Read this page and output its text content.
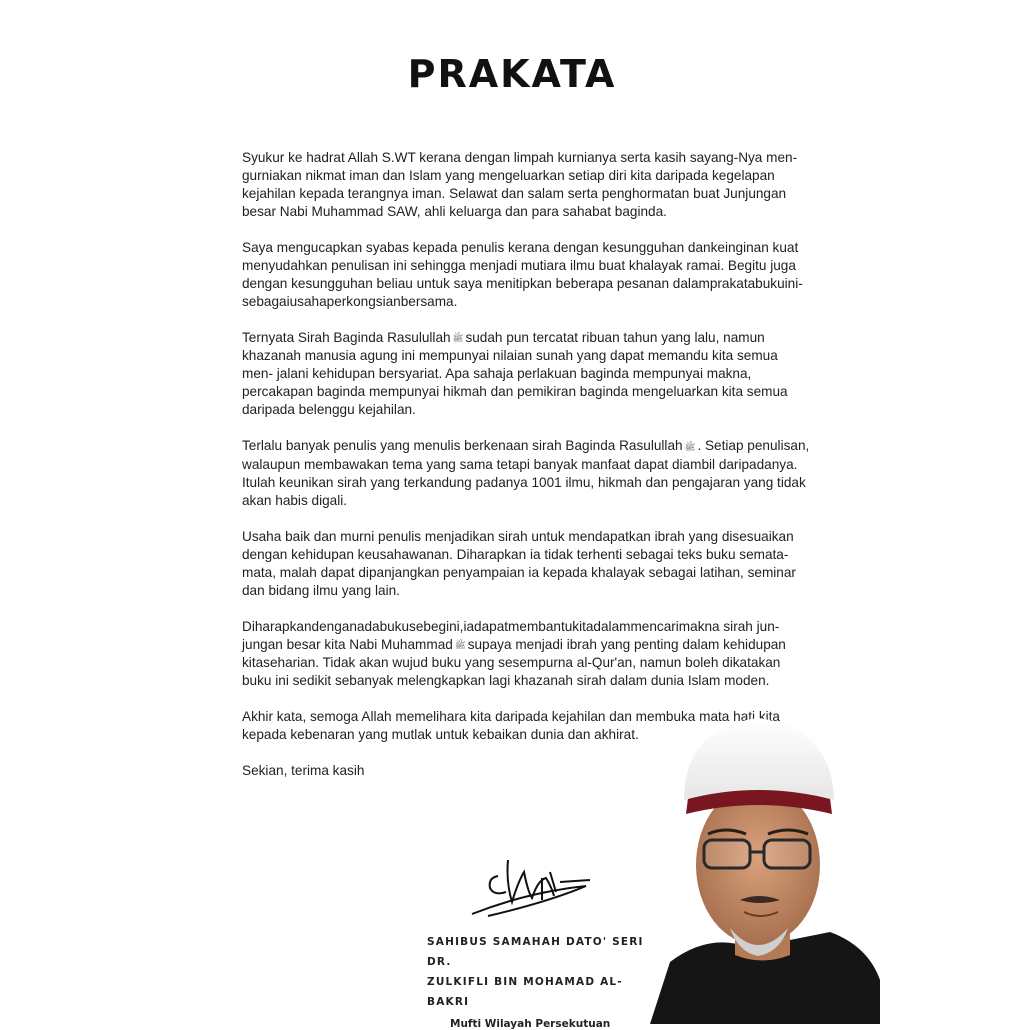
PRAKATA

Syukur ke hadrat Allah S.WT kerana dengan limpah kurnianya serta kasih sayang-Nya men- gurniakan nikmat iman dan Islam yang mengeluarkan setiap diri kita daripada kegelapan kejahilan kepada terangnya iman. Selawat dan salam serta penghormatan buat Junjungan besar Nabi Muhammad SAW, ahli keluarga dan para sahabat baginda.

Saya mengucapkan syabas kepada penulis kerana dengan kesungguhan dankeinginan kuat menyudahkan penulisan ini sehingga menjadi mutiara ilmu buat khalayak ramai. Begitu juga dengan kesungguhan beliau untuk saya menitipkan beberapa pesanan dalamprakatabukuini- sebagaiusahaperkongsianbersama.

Ternyata Sirah Baginda Rasulullah ﷺ sudah pun tercatat ribuan tahun yang lalu, namun khazanah manusia agung ini mempunyai nilaian sunah yang dapat memandu kita semua men- jalani kehidupan bersyariat. Apa sahaja perlakuan baginda mempunyai makna, percakapan baginda mempunyai hikmah dan pemikiran baginda mengeluarkan kita semua daripada belenggu kejahilan.

Terlalu banyak penulis yang menulis berkenaan sirah Baginda Rasulullah ﷺ . Setiap penulisan, walaupun membawakan tema yang sama tetapi banyak manfaat dapat diambil daripadanya. Itulah keunikan sirah yang terkandung padanya 1001 ilmu, hikmah dan pengajaran yang tidak akan habis digali.

Usaha baik dan murni penulis menjadikan sirah untuk mendapatkan ibrah yang disesuaikan dengan kehidupan keusahawanan. Diharapkan ia tidak terhenti sebagai teks buku semata-mata, malah dapat dipanjangkan penyampaian ia kepada khalayak sebagai latihan, seminar dan bidang ilmu yang lain.

Diharapkandenganadabukusebegini,iadapatmembantukitadalammencarimakna sirah jun- jungan besar kita Nabi Muhammad ﷺ supaya menjadi ibrah yang penting dalam kehidupan kitaseharian. Tidak akan wujud buku yang sesempurna al-Qur'an, namun boleh dikatakan buku ini sedikit sebanyak melengkapkan lagi khazanah sirah dalam dunia Islam moden.

Akhir kata, semoga Allah memelihara kita daripada kejahilan dan membuka mata hati kita kepada kebenaran yang mutlak untuk kebaikan dunia dan akhirat.

Sekian, terima kasih

SAHIBUS SAMAHAH DATO' SERI DR.
ZULKIFLI BIN MOHAMAD AL-BAKRI
Mufti Wilayah Persekutuan
